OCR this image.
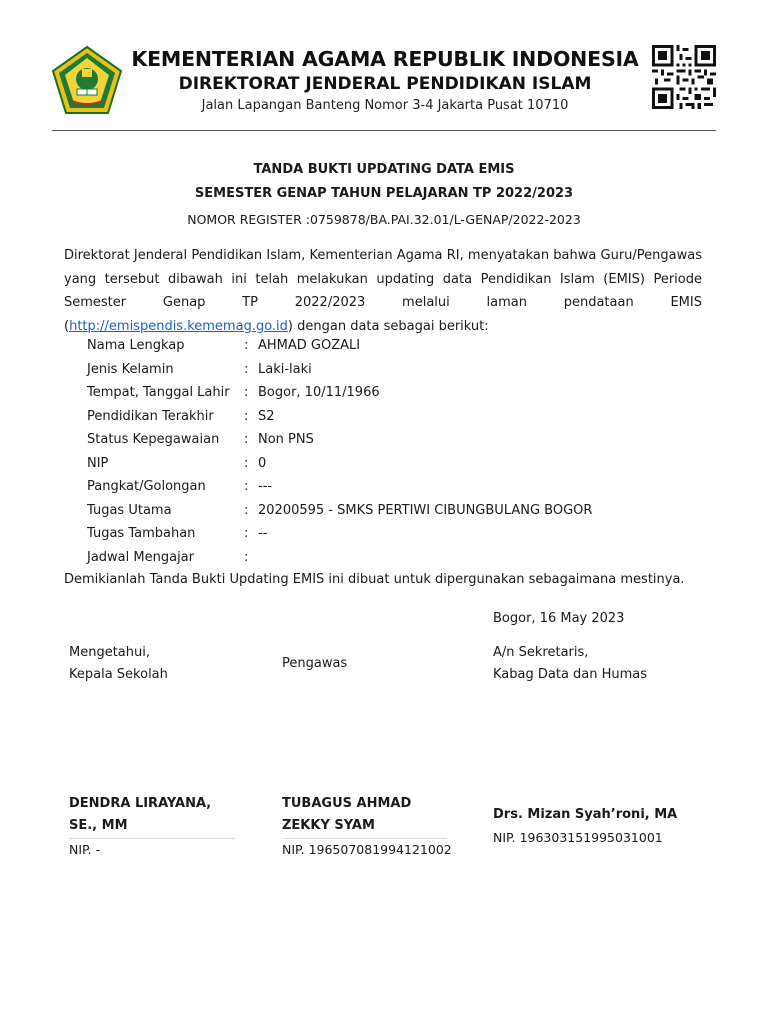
KEMENTERIAN AGAMA REPUBLIK INDONESIA
DIREKTORAT JENDERAL PENDIDIKAN ISLAM
Jalan Lapangan Banteng Nomor 3-4 Jakarta Pusat 10710
TANDA BUKTI UPDATING DATA EMIS
SEMESTER GENAP TAHUN PELAJARAN TP 2022/2023
NOMOR REGISTER :0759878/BA.PAI.32.01/L-GENAP/2022-2023
Direktorat Jenderal Pendidikan Islam, Kementerian Agama RI, menyatakan bahwa Guru/Pengawas yang tersebut dibawah ini telah melakukan updating data Pendidikan Islam (EMIS) Periode Semester Genap TP 2022/2023 melalui laman pendataan EMIS (http://emispendis.kememag.go.id) dengan data sebagai berikut:
Nama Lengkap	: AHMAD GOZALI
Jenis Kelamin	: Laki-laki
Tempat, Tanggal Lahir : Bogor, 10/11/1966
Pendidikan Terakhir : S2
Status Kepegawaian : Non PNS
NIP	: 0
Pangkat/Golongan	: ---
Tugas Utama	: 20200595 - SMKS PERTIWI CIBUNGBULANG BOGOR
Tugas Tambahan	: --
Jadwal Mengajar	:
Demikianlah Tanda Bukti Updating EMIS ini dibuat untuk dipergunakan sebagaimana mestinya.
Bogor, 16 May 2023
Mengetahui,
Kepala Sekolah
Pengawas
A/n Sekretaris,
Kabag Data dan Humas
DENDRA LIRAYANA, SE., MM
TUBAGUS AHMAD ZEKKY SYAM
Drs. Mizan Syah’roni, MA
NIP. -	NIP. 196507081994121002
NIP. 196303151995031001
